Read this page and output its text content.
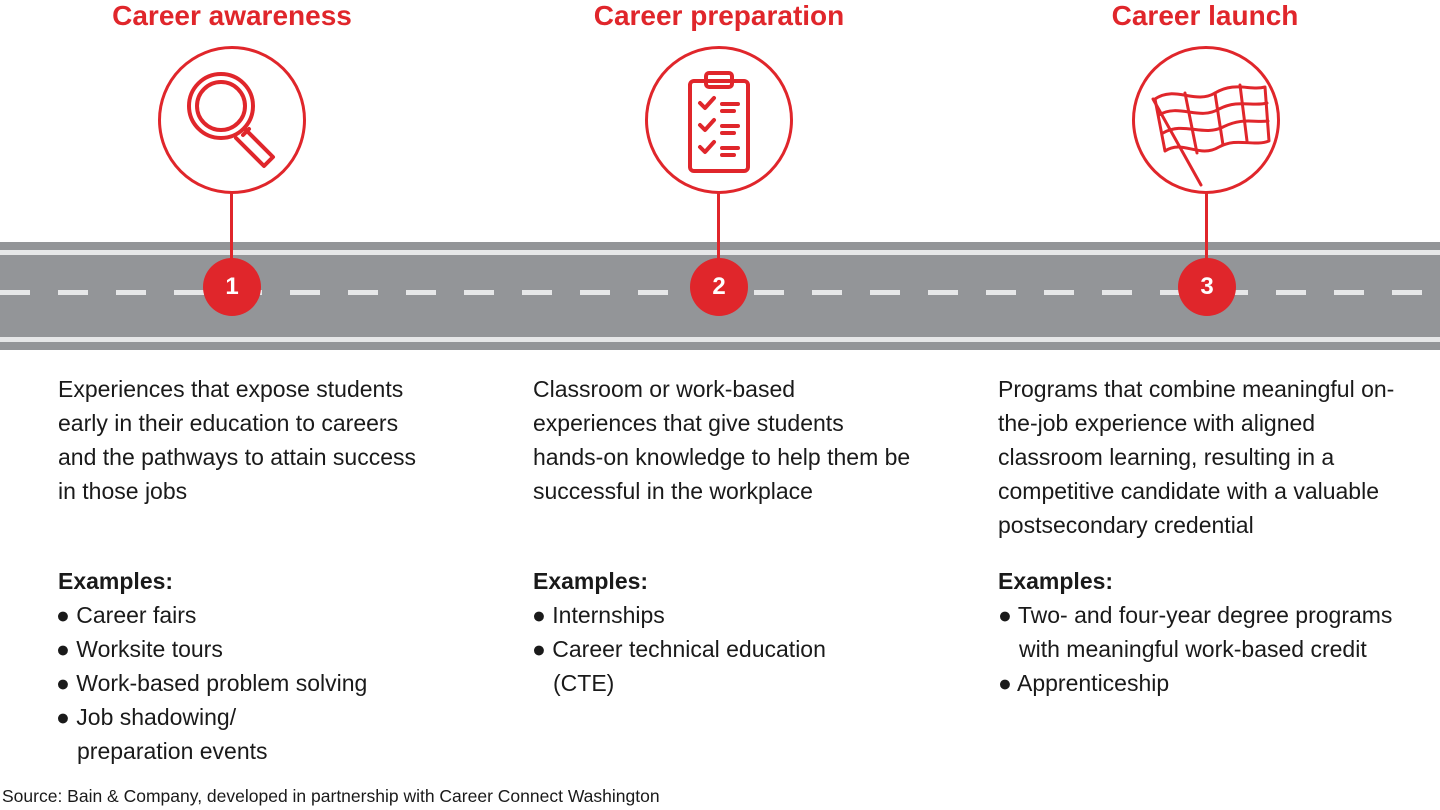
Career awareness
1

Experiences that expose students early in their education to careers and the pathways to attain success in those jobs

Examples:

● Career fairs
● Worksite tours
● Work-based problem solving
● Job shadowing/ preparation events
Career preparation
2

Classroom or work-based experiences that give students hands-on knowledge to help them be successful in the workplace

Examples:

● Internships
● Career technical education (CTE)
Career launch
3

Programs that combine meaningful on-the-job experience with aligned classroom learning, resulting in a competitive candidate with a valuable postsecondary credential

Examples:

● Two- and four-year degree programs with meaningful work-based credit
● Apprenticeship

Source: Bain & Company, developed in partnership with Career Connect Washington
